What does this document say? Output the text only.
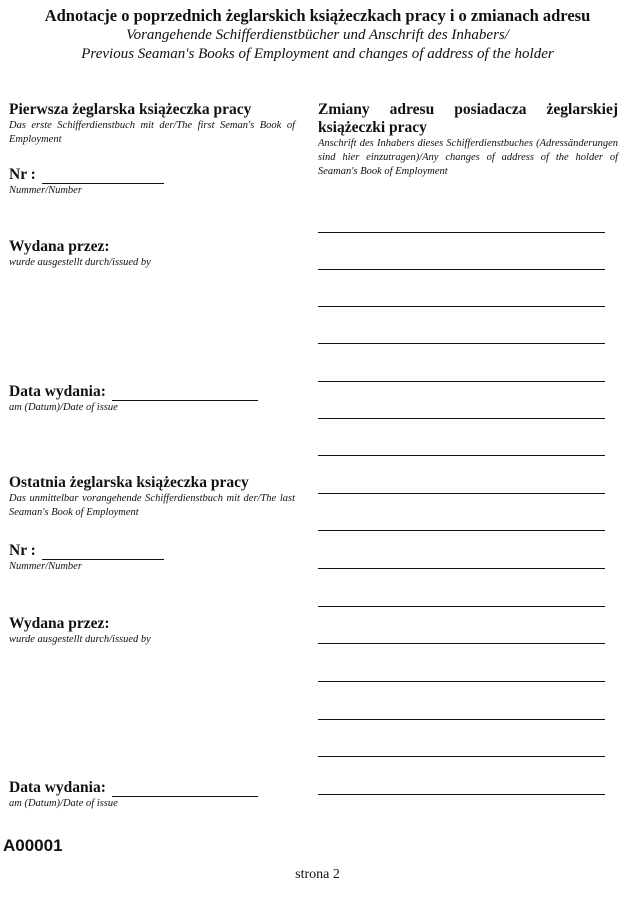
Adnotacje o poprzednich żeglarskich książeczkach pracy i o zmianach adresu
Vorangehende Schifferdienstbücher und Anschrift des Inhabers/
Previous Seaman's Books of Employment and changes of address of the holder
Pierwsza żeglarska książeczka pracy
Das erste Schifferdienstbuch mit der/The first Seman's Book of Employment
Nr :
Nummer/Number
Wydana przez:
wurde ausgestellt durch/issued by
Data wydania:
am (Datum)/Date of issue
Ostatnia żeglarska książeczka pracy
Das unmittelbar vorangehende Schifferdienstbuch mit der/The last Seaman's Book of Employment
Nr :
Nummer/Number
Wydana przez:
wurde ausgestellt durch/issued by
Data wydania:
am (Datum)/Date of issue
Zmiany adresu posiadacza żeglarskiej książeczki pracy
Anschrift des Inhabers dieses Schifferdienstbuches (Adressänderungen sind hier einzutragen)/Any changes of address of the holder of Seaman's Book of Employment
A00001
strona 2
